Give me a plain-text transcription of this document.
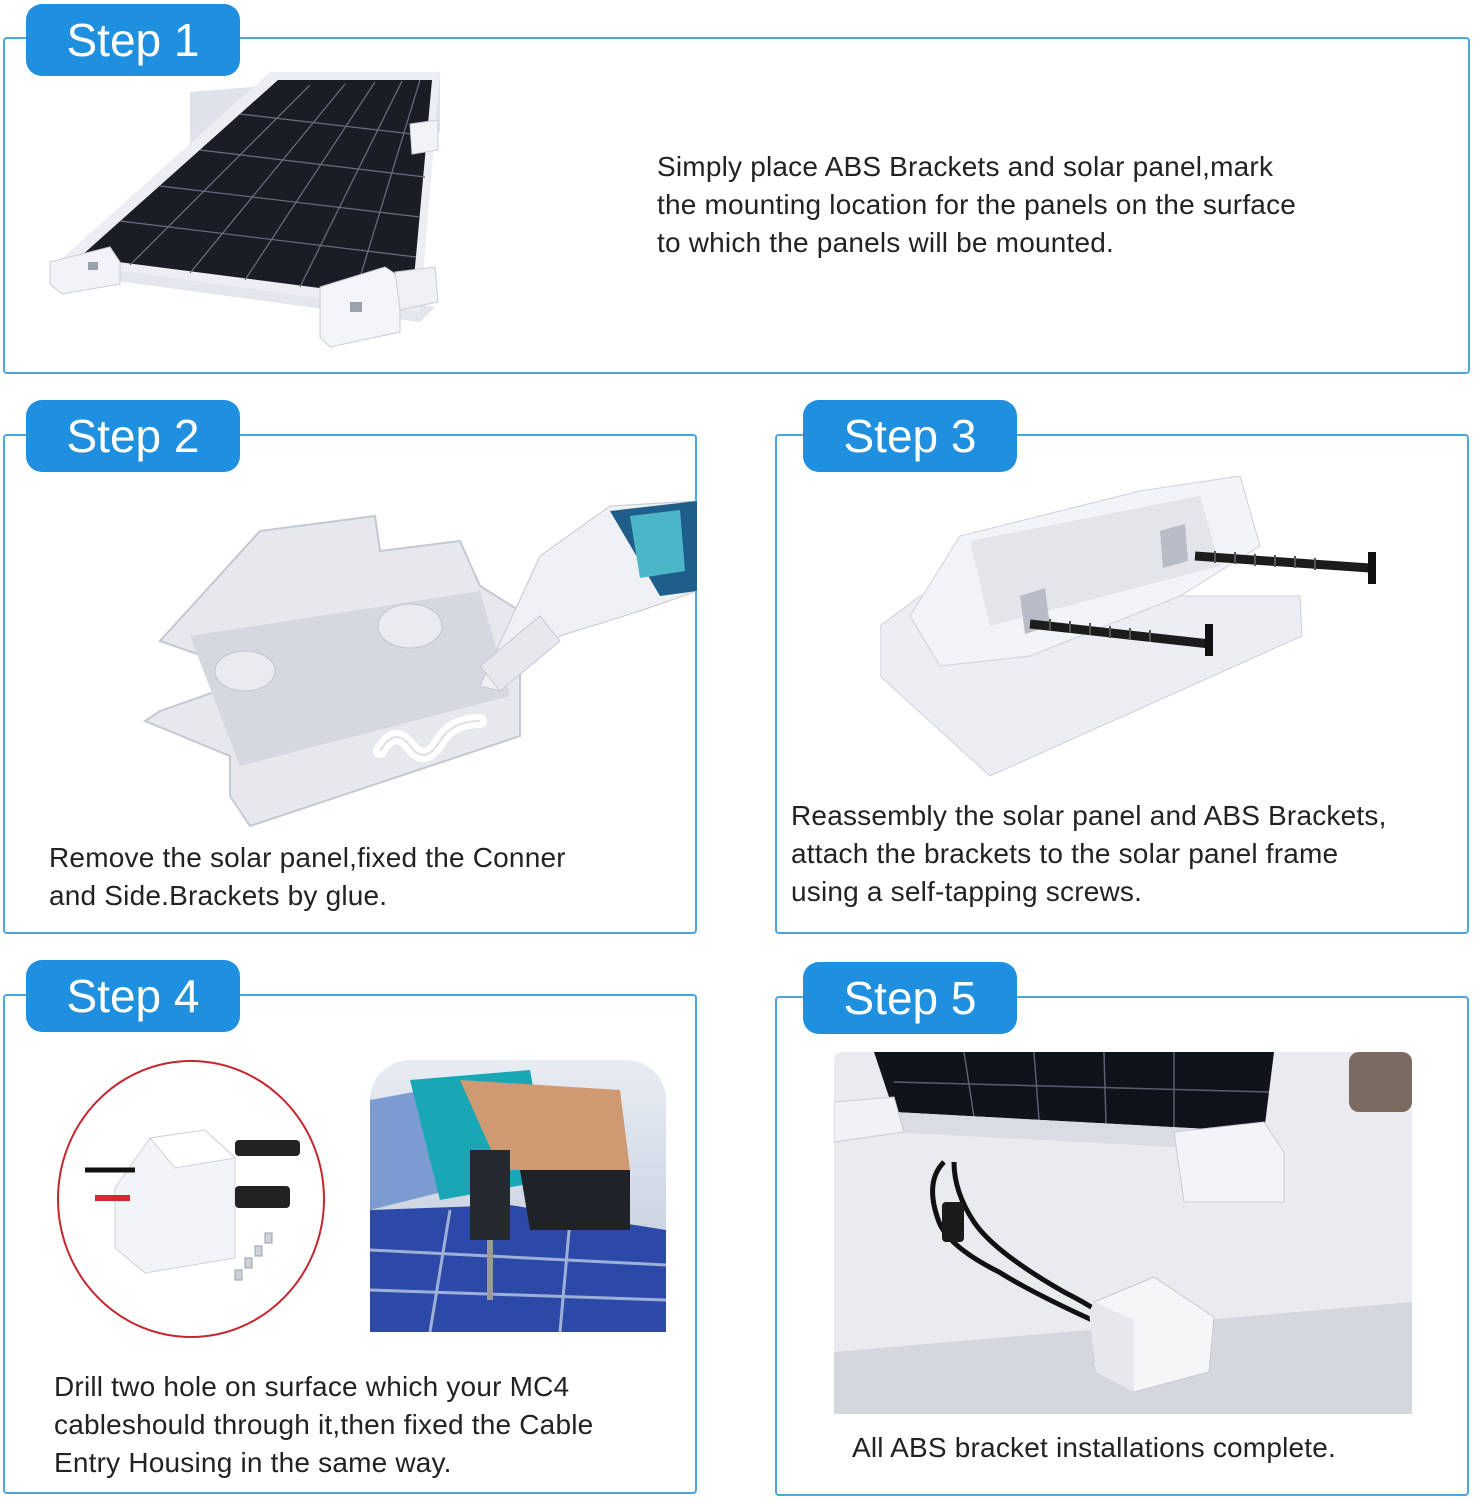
Step 1
Simply place ABS Brackets and solar panel,mark
the mounting location for the panels on the surface
to which the panels will be mounted.
Step 2
Remove the solar panel,fixed the Conner
and Side.Brackets by glue.
Step 3
Reassembly the solar panel and ABS Brackets,
attach the brackets to the solar panel frame
using a self-tapping screws.
Step 4
Drill two hole on surface which your MC4
cableshould through it,then fixed the Cable
Entry Housing in the same way.
Step 5
All ABS bracket installations complete.
